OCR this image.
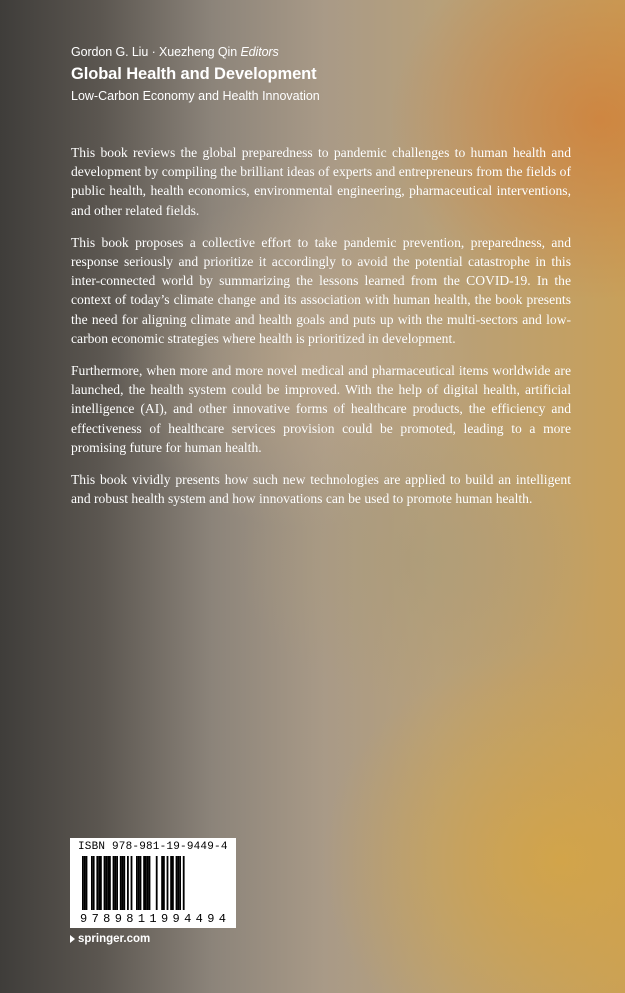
Gordon G. Liu · Xuezheng Qin Editors
Global Health and Development
Low-Carbon Economy and Health Innovation

This book reviews the global preparedness to pandemic challenges to human health and development by compiling the brilliant ideas of experts and entrepreneurs from the fields of public health, health economics, environmental engineering, pharmaceutical interventions, and other related fields.

This book proposes a collective effort to take pandemic prevention, preparedness, and response seriously and prioritize it accordingly to avoid the potential catastrophe in this inter-connected world by summarizing the lessons learned from the COVID-19. In the context of today’s climate change and its association with human health, the book presents the need for aligning climate and health goals and puts up with the multi-sectors and low-carbon economic strategies where health is prioritized in development.

Furthermore, when more and more novel medical and pharmaceutical items worldwide are launched, the health system could be improved. With the help of digital health, artificial intelligence (AI), and other innovative forms of healthcare products, the efficiency and effectiveness of healthcare services provision could be promoted, leading to a more promising future for human health.

This book vividly presents how such new technologies are applied to build an intelligent and robust health system and how innovations can be used to promote human health.

ISBN 978-981-19-9449-4
9789811994494
springer.com
